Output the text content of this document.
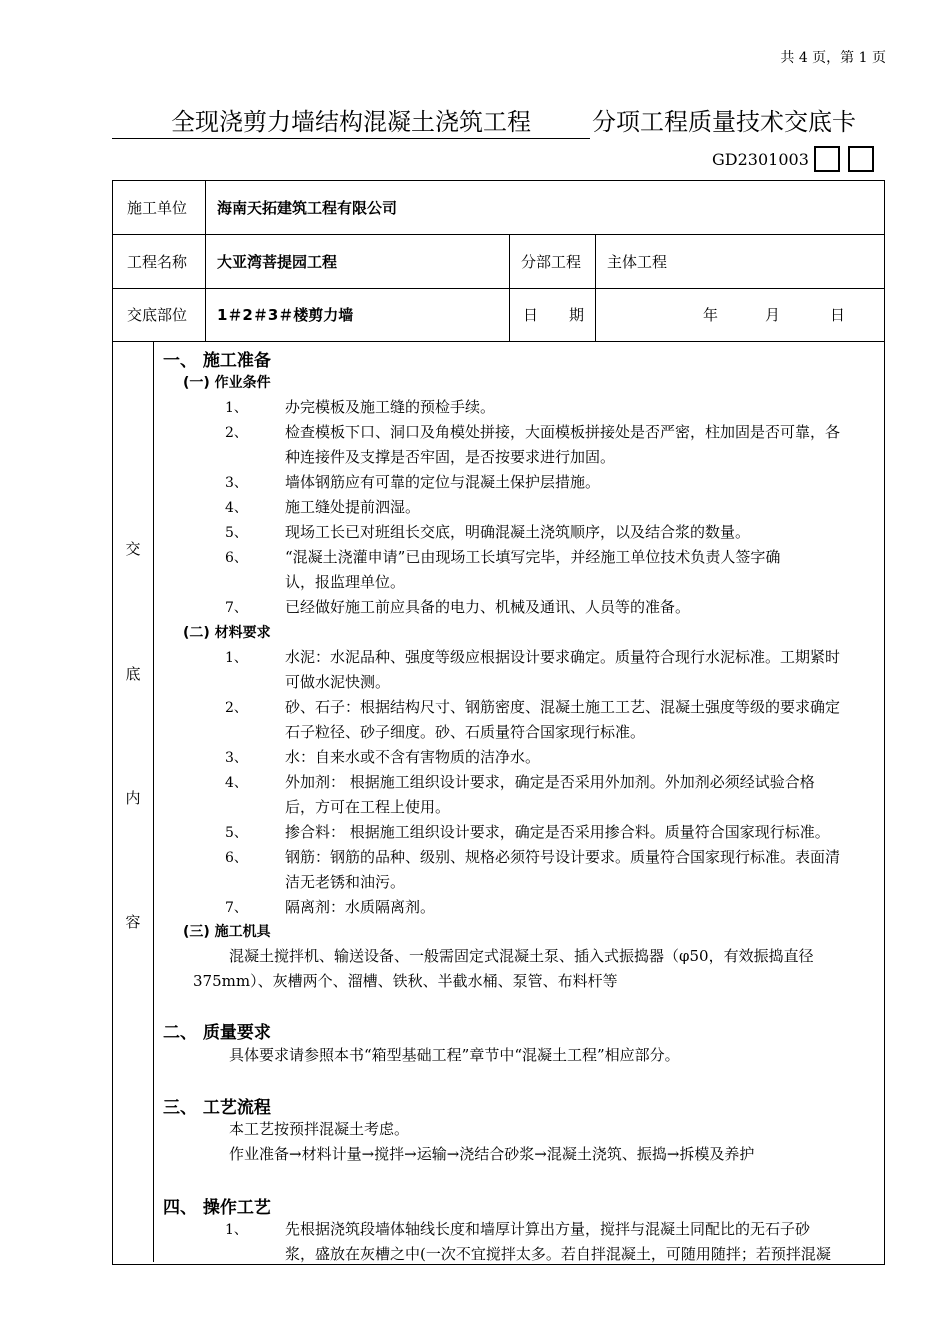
共 4 页，第 1 页
全现浇剪力墙结构混凝土浇筑工程	分项工程质量技术交底卡
GD2301003
施工单位 海南天拓建筑工程有限公司
工程名称 大亚湾菩提园工程	分部工程 主体工程
交底部位 1＃2＃3＃楼剪力墙	日 期	年	月	日
交
底
内
容
一、 施工准备
(一) 作业条件
1、 办完模板及施工缝的预检手续。
2、 检查模板下口、洞口及角模处拼接，大面模板拼接处是否严密，柱加固是否可靠，各
种连接件及支撑是否牢固，是否按要求进行加固。
3、 墙体钢筋应有可靠的定位与混凝土保护层措施。
4、 施工缝处提前泗湿。
5、 现场工长已对班组长交底，明确混凝土浇筑顺序，以及结合浆的数量。
6、 “混凝土浇灌申请”已由现场工长填写完毕，并经施工单位技术负责人签字确
认，报监理单位。
7、 已经做好施工前应具备的电力、机械及通讯、人员等的准备。
(二) 材料要求
1、 水泥：水泥品种、强度等级应根据设计要求确定。质量符合现行水泥标准。工期紧时
可做水泥快测。
2、 砂、石子：根据结构尺寸、钢筋密度、混凝土施工工艺、混凝土强度等级的要求确定
石子粒径、砂子细度。砂、石质量符合国家现行标准。
3、 水：自来水或不含有害物质的洁净水。
4、 外加剂： 根据施工组织设计要求，确定是否采用外加剂。外加剂必须经试验合格
后，方可在工程上使用。
5、 掺合料： 根据施工组织设计要求，确定是否采用掺合料。质量符合国家现行标准。
6、 钢筋：钢筋的品种、级别、规格必须符号设计要求。质量符合国家现行标准。表面清
洁无老锈和油污。
7、 隔离剂：水质隔离剂。
(三) 施工机具
混凝土搅拌机、输送设备、一般需固定式混凝土泵、插入式振捣器（φ50，有效振捣直径
375mm）、灰槽两个、溜槽、铁秋、半截水桶、泵管、布料杆等
二、 质量要求
具体要求请参照本书“箱型基础工程”章节中“混凝土工程”相应部分。
三、 工艺流程
本工艺按预拌混凝土考虑。
作业准备→材料计量→搅拌→运输→浇结合砂浆→混凝土浇筑、振捣→拆模及养护
四、 操作工艺
1、 先根据浇筑段墙体轴线长度和墙厚计算出方量，搅拌与混凝土同配比的无石子砂
浆，盛放在灰槽之中(一次不宜搅拌太多。若自拌混凝土，可随用随拌；若预拌混凝
